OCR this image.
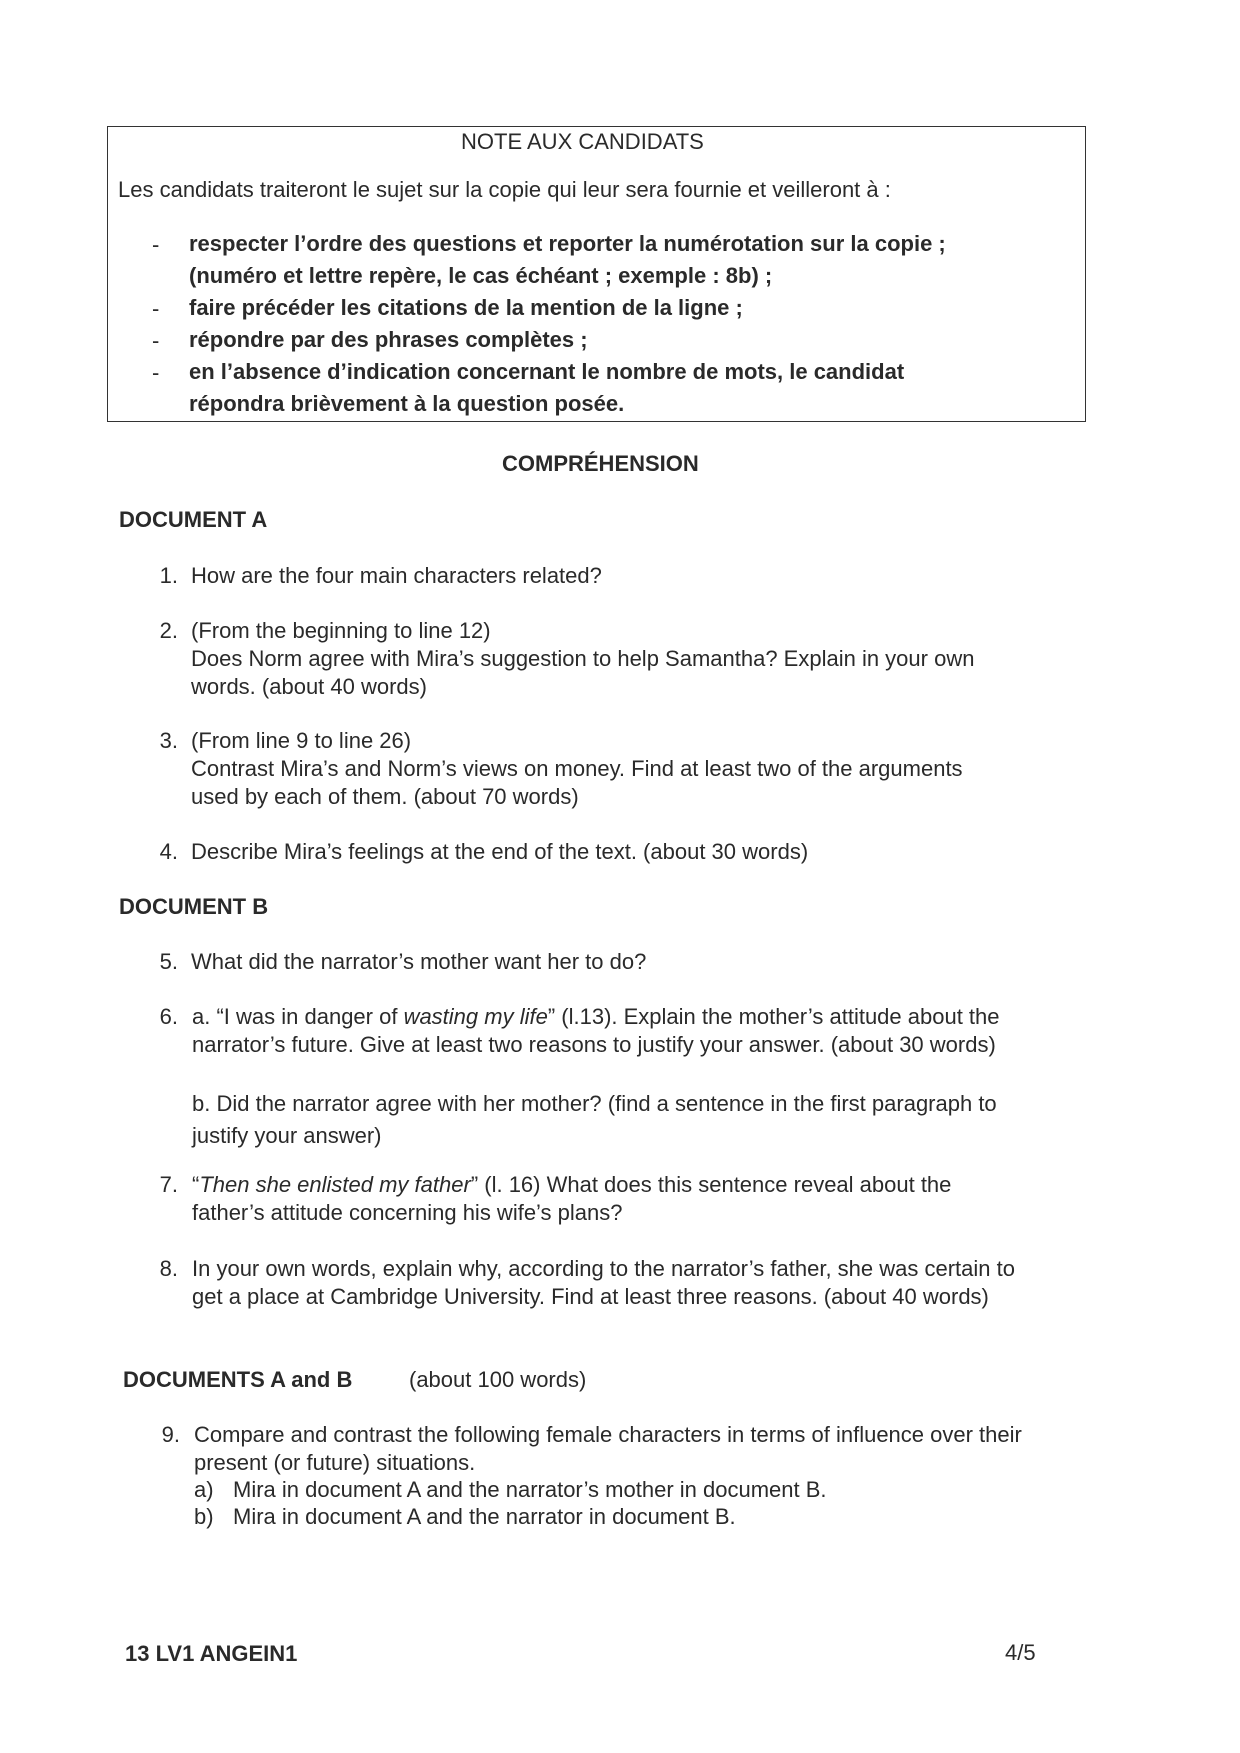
NOTE AUX CANDIDATS
Les candidats traiteront le sujet sur la copie qui leur sera fournie et veilleront à :
- respecter l’ordre des questions et reporter la numérotation sur la copie ;
(numéro et lettre repère, le cas échéant ; exemple : 8b) ;
- faire précéder les citations de la mention de la ligne ;
- répondre par des phrases complètes ;
- en l’absence d’indication concernant le nombre de mots, le candidat
répondra brièvement à la question posée.
COMPRÉHENSION
DOCUMENT A
1. How are the four main characters related?
2. (From the beginning to line 12)
Does Norm agree with Mira’s suggestion to help Samantha? Explain in your own
words. (about 40 words)
3. (From line 9 to line 26)
Contrast Mira’s and Norm’s views on money. Find at least two of the arguments
used by each of them. (about 70 words)
4. Describe Mira’s feelings at the end of the text. (about 30 words)
DOCUMENT B
5. What did the narrator’s mother want her to do?
6. a. “I was in danger of wasting my life” (l.13). Explain the mother’s attitude about the
narrator’s future. Give at least two reasons to justify your answer. (about 30 words)
b. Did the narrator agree with her mother? (find a sentence in the first paragraph to
justify your answer)
7. “Then she enlisted my father” (l. 16) What does this sentence reveal about the
father’s attitude concerning his wife’s plans?
8. In your own words, explain why, according to the narrator’s father, she was certain to
get a place at Cambridge University. Find at least three reasons. (about 40 words)
DOCUMENTS A and B	(about 100 words)
9. Compare and contrast the following female characters in terms of influence over their
present (or future) situations.
a) Mira in document A and the narrator’s mother in document B.
b) Mira in document A and the narrator in document B.
13 LV1 ANGEIN1	4/5
